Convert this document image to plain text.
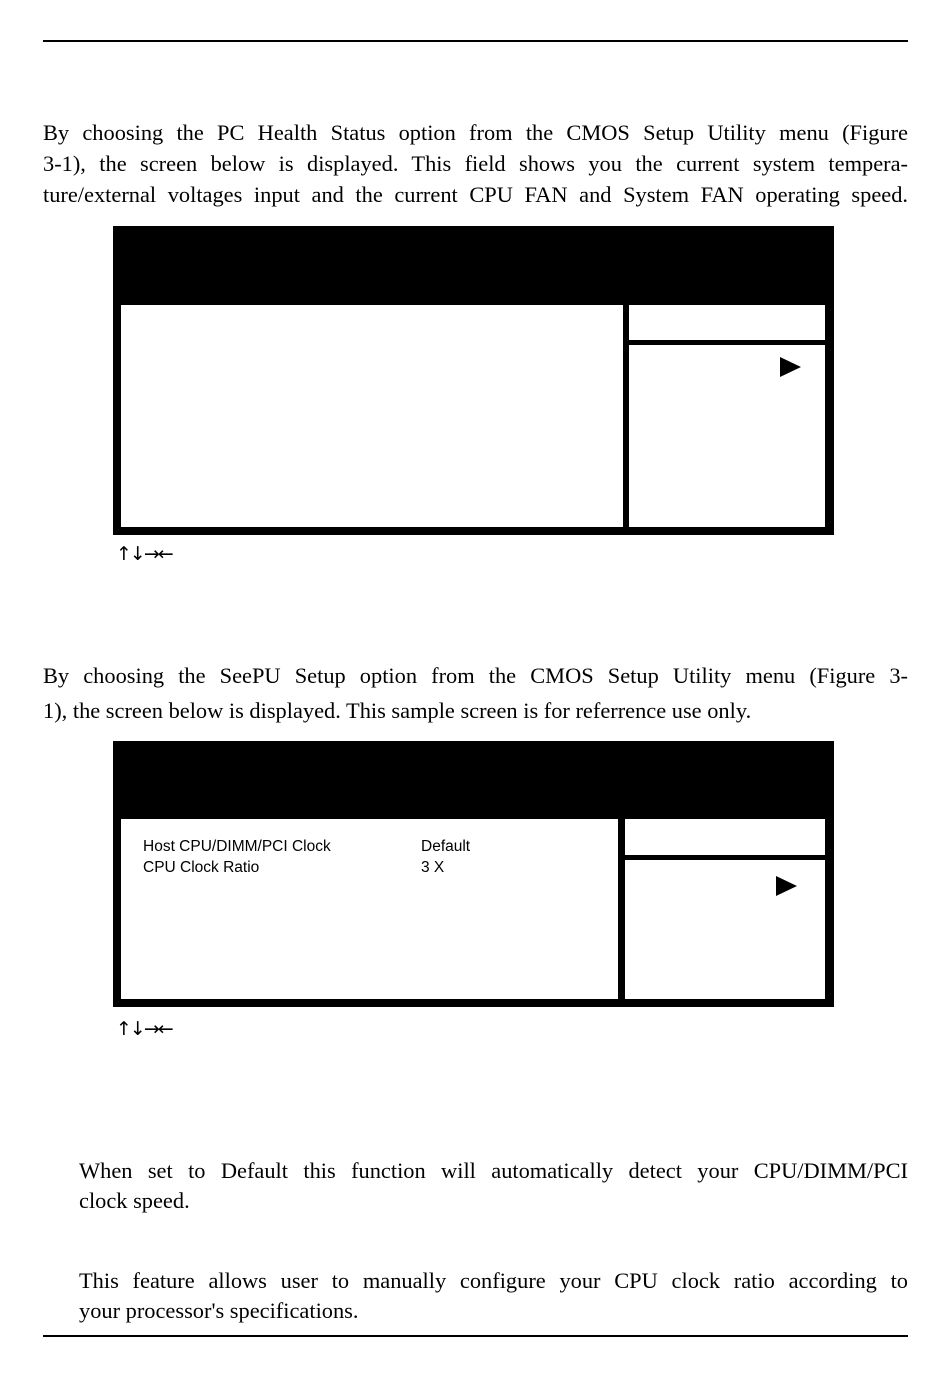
By choosing the PC Health Status option from the CMOS Setup Utility menu (Figure
3-1), the screen below is displayed. This field shows you the current system tempera-
ture/external voltages input and the current CPU FAN and System FAN operating speed.
↑↓→←
By choosing the SeePU Setup option from the CMOS Setup Utility menu (Figure 3-
1), the screen below is displayed. This sample screen is for referrence use only.
Host CPU/DIMM/PCI Clock	Default
CPU Clock Ratio	3 X
↑↓→←
When set to Default this function will automatically detect your CPU/DIMM/PCI
clock speed.
This feature allows user to manually configure your CPU clock ratio according to
your processor's specifications.
